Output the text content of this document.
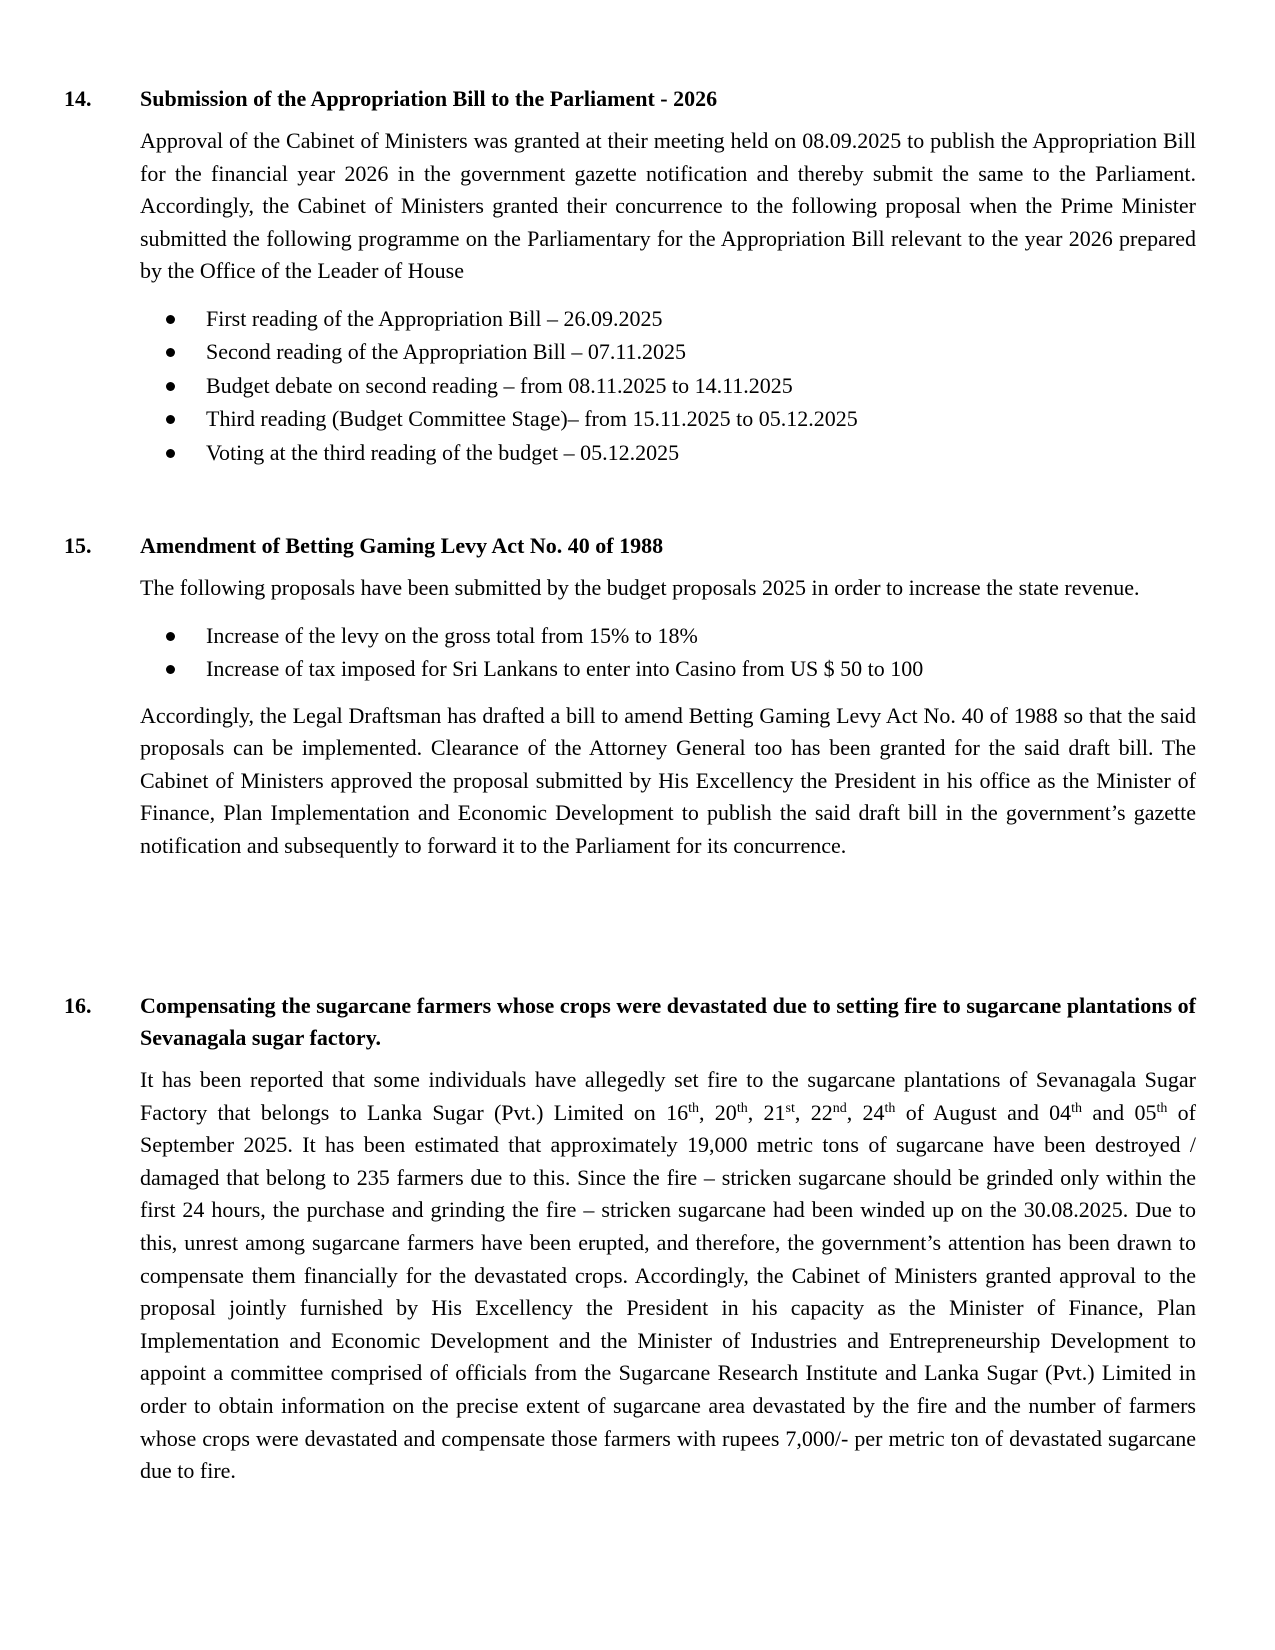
14.	Submission of the Appropriation Bill to the Parliament - 2026
Approval of the Cabinet of Ministers was granted at their meeting held on 08.09.2025 to publish the Appropriation Bill for the financial year 2026 in the government gazette notification and thereby submit the same to the Parliament. Accordingly, the Cabinet of Ministers granted their concurrence to the following proposal when the Prime Minister submitted the following programme on the Parliamentary for the Appropriation Bill relevant to the year 2026 prepared by the Office of the Leader of House
First reading of the Appropriation Bill – 26.09.2025
Second reading of the Appropriation Bill – 07.11.2025
Budget debate on second reading – from 08.11.2025 to 14.11.2025
Third reading (Budget Committee Stage)– from 15.11.2025 to 05.12.2025
Voting at the third reading of the budget – 05.12.2025
15.	Amendment of Betting Gaming Levy Act No. 40 of 1988
The following proposals have been submitted by the budget proposals 2025 in order to increase the state revenue.
Increase of the levy on the gross total from 15% to 18%
Increase of tax imposed for Sri Lankans to enter into Casino from US $ 50 to 100
Accordingly, the Legal Draftsman has drafted a bill to amend Betting Gaming Levy Act No. 40 of 1988 so that the said proposals can be implemented. Clearance of the Attorney General too has been granted for the said draft bill. The Cabinet of Ministers approved the proposal submitted by His Excellency the President in his office as the Minister of Finance, Plan Implementation and Economic Development to publish the said draft bill in the government’s gazette notification and subsequently to forward it to the Parliament for its concurrence.
16.	Compensating the sugarcane farmers whose crops were devastated due to setting fire to sugarcane plantations of Sevanagala sugar factory.
It has been reported that some individuals have allegedly set fire to the sugarcane plantations of Sevanagala Sugar Factory that belongs to Lanka Sugar (Pvt.) Limited on 16th, 20th, 21st, 22nd, 24th of August and 04th and 05th of September 2025. It has been estimated that approximately 19,000 metric tons of sugarcane have been destroyed / damaged that belong to 235 farmers due to this. Since the fire – stricken sugarcane should be grinded only within the first 24 hours, the purchase and grinding the fire – stricken sugarcane had been winded up on the 30.08.2025. Due to this, unrest among sugarcane farmers have been erupted, and therefore, the government’s attention has been drawn to compensate them financially for the devastated crops. Accordingly, the Cabinet of Ministers granted approval to the proposal jointly furnished by His Excellency the President in his capacity as the Minister of Finance, Plan Implementation and Economic Development and the Minister of Industries and Entrepreneurship Development to appoint a committee comprised of officials from the Sugarcane Research Institute and Lanka Sugar (Pvt.) Limited in order to obtain information on the precise extent of sugarcane area devastated by the fire and the number of farmers whose crops were devastated and compensate those farmers with rupees 7,000/- per metric ton of devastated sugarcane due to fire.
